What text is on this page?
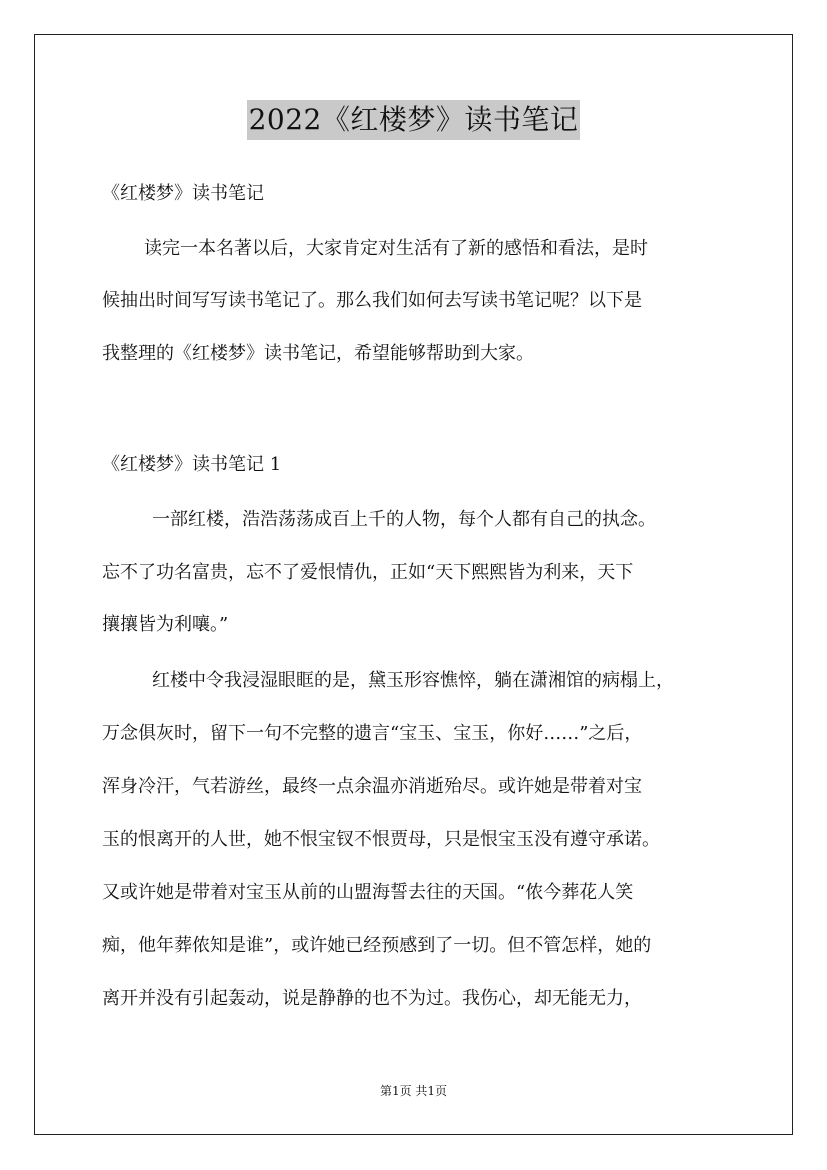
2022《红楼梦》读书笔记
《红楼梦》读书笔记
读完一本名著以后，大家肯定对生活有了新的感悟和看法，是时
候抽出时间写写读书笔记了。那么我们如何去写读书笔记呢？以下是
我整理的《红楼梦》读书笔记，希望能够帮助到大家。
《红楼梦》读书笔记 1
一部红楼，浩浩荡荡成百上千的人物，每个人都有自己的执念。
忘不了功名富贵，忘不了爱恨情仇，正如“天下熙熙皆为利来，天下
攘攘皆为利嚷。”
红楼中令我浸湿眼眶的是，黛玉形容憔悴，躺在潇湘馆的病榻上，
万念俱灰时，留下一句不完整的遗言“宝玉、宝玉，你好……”之后，
浑身冷汗，气若游丝，最终一点余温亦消逝殆尽。或许她是带着对宝
玉的恨离开的人世，她不恨宝钗不恨贾母，只是恨宝玉没有遵守承诺。
又或许她是带着对宝玉从前的山盟海誓去往的天国。“侬今葬花人笑
痴，他年葬侬知是谁”，或许她已经预感到了一切。但不管怎样，她的
离开并没有引起轰动，说是静静的也不为过。我伤心，却无能无力，
第1页 共1页
